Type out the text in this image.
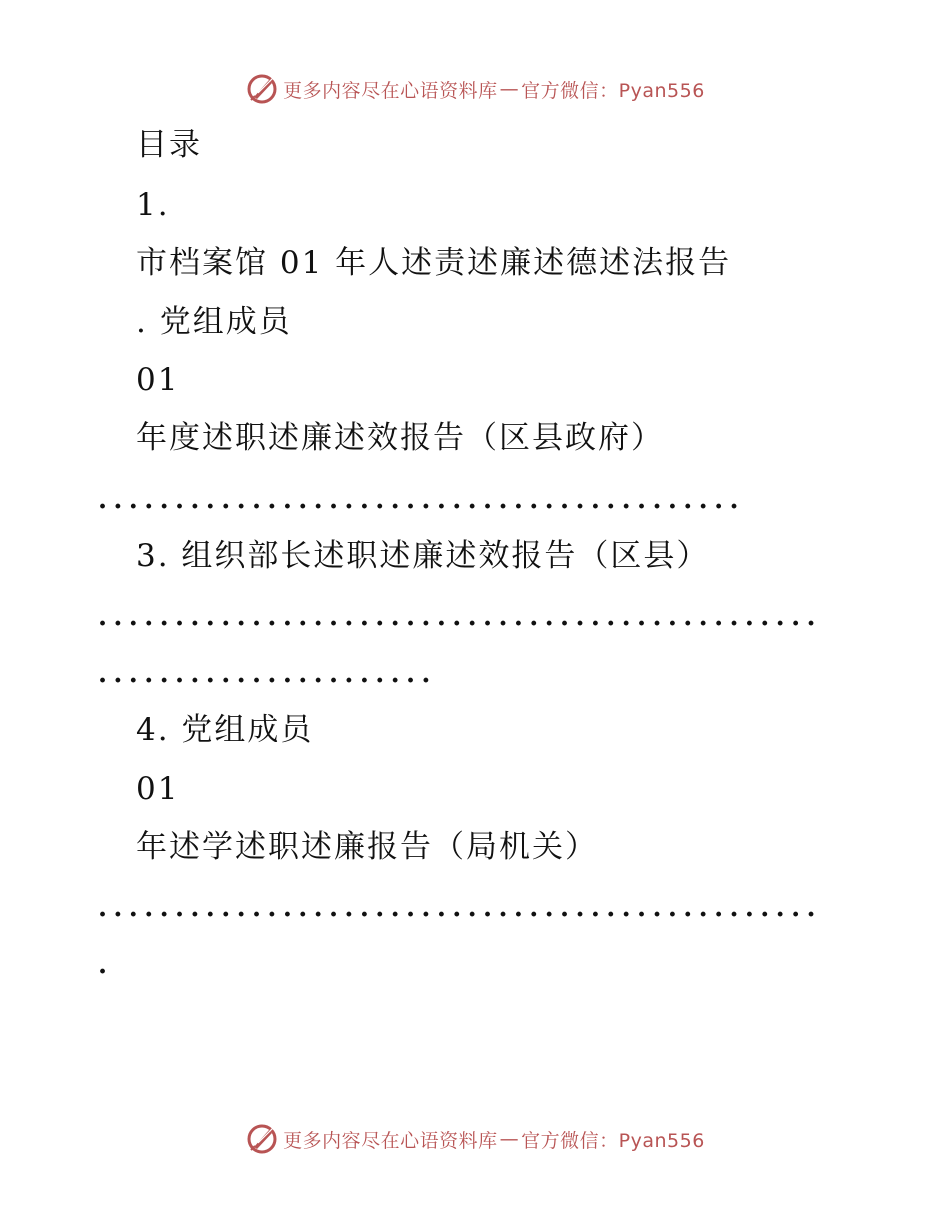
更多内容尽在心语资料库 — 官方微信：Pyan556
目录
1.
市档案馆 01 年人述责述廉述德述法报告
. 党组成员
01
年度述职述廉述效报告（区县政府）
..........................................
3. 组织部长述职述廉述效报告（区县）
...............................................
......................
4. 党组成员
01
年述学述职述廉报告（局机关）
...............................................
.
更多内容尽在心语资料库 — 官方微信：Pyan556
